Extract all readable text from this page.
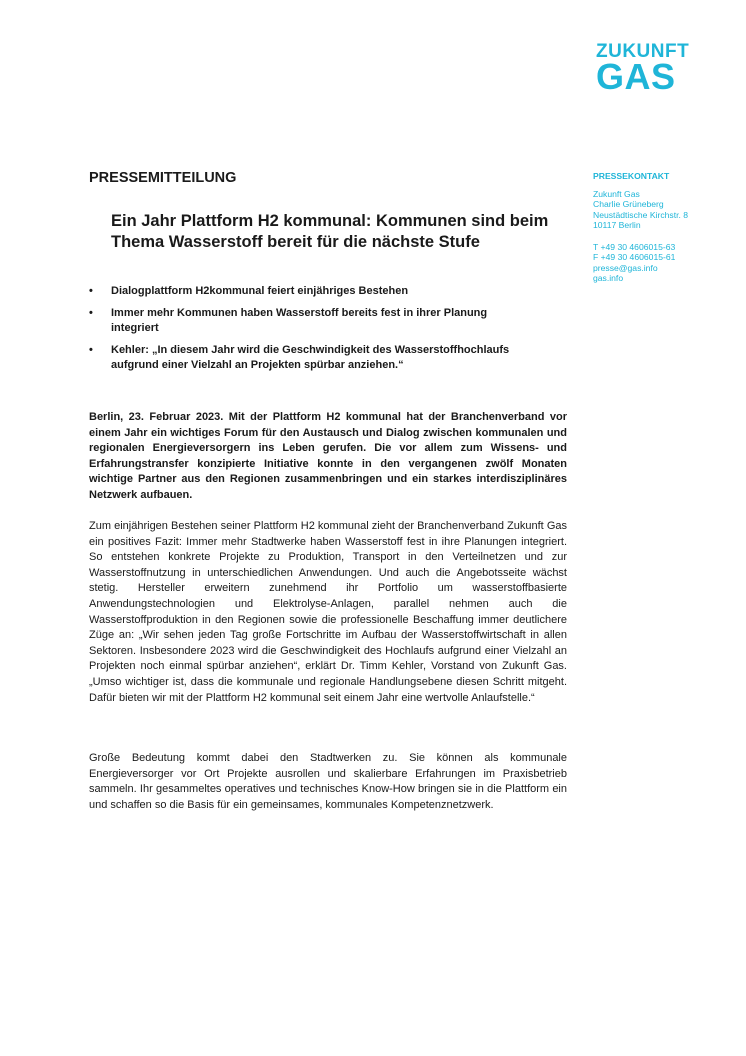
ZUKUNFT
GAS
PRESSEKONTAKT
Zukunft Gas
Charlie Grüneberg
Neustädtische Kirchstr. 8
10117 Berlin
T +49 30 4606015-63
F +49 30 4606015-61
presse@gas.info
gas.info
PRESSEMITTEILUNG
Ein Jahr Plattform H2 kommunal: Kommunen sind beim Thema Wasserstoff bereit für die nächste Stufe
• Dialogplattform H2kommunal feiert einjähriges Bestehen
• Immer mehr Kommunen haben Wasserstoff bereits fest in ihrer Planung integriert
• Kehler: „In diesem Jahr wird die Geschwindigkeit des Wasserstoffhochlaufs aufgrund einer Vielzahl an Projekten spürbar anziehen.“

Berlin, 23. Februar 2023. Mit der Plattform H2 kommunal hat der Branchenverband vor einem Jahr ein wichtiges Forum für den Austausch und Dialog zwischen kommunalen und regionalen Energieversorgern ins Leben gerufen. Die vor allem zum Wissens- und Erfahrungstransfer konzipierte Initiative konnte in den vergangenen zwölf Monaten wichtige Partner aus den Regionen zusammenbringen und ein starkes interdisziplinäres Netzwerk aufbauen.

Zum einjährigen Bestehen seiner Plattform H2 kommunal zieht der Branchenverband Zukunft Gas ein positives Fazit: Immer mehr Stadtwerke haben Wasserstoff fest in ihre Planungen integriert. So entstehen konkrete Projekte zu Produktion, Transport in den Verteilnetzen und zur Wasserstoffnutzung in unterschiedlichen Anwendungen. Und auch die Angebotsseite wächst stetig. Hersteller erweitern zunehmend ihr Portfolio um wasserstoffbasierte Anwendungstechnologien und Elektrolyse-Anlagen, parallel nehmen auch die Wasserstoffproduktion in den Regionen sowie die professionelle Beschaffung immer deutlichere Züge an: „Wir sehen jeden Tag große Fortschritte im Aufbau der Wasserstoffwirtschaft in allen Sektoren. Insbesondere 2023 wird die Geschwindigkeit des Hochlaufs aufgrund einer Vielzahl an Projekten noch einmal spürbar anziehen“, erklärt Dr. Timm Kehler, Vorstand von Zukunft Gas. „Umso wichtiger ist, dass die kommunale und regionale Handlungsebene diesen Schritt mitgeht. Dafür bieten wir mit der Plattform H2 kommunal seit einem Jahr eine wertvolle Anlaufstelle.“

Große Bedeutung kommt dabei den Stadtwerken zu. Sie können als kommunale Energieversorger vor Ort Projekte ausrollen und skalierbare Erfahrungen im Praxisbetrieb sammeln. Ihr gesammeltes operatives und technisches Know-How bringen sie in die Plattform ein und schaffen so die Basis für ein gemeinsames, kommunales Kompetenznetzwerk.
